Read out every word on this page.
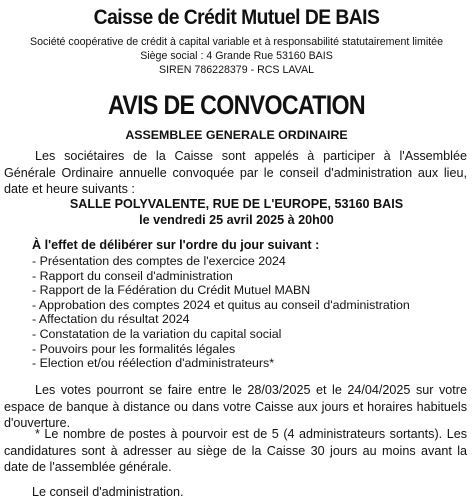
Caisse de Crédit Mutuel DE BAIS
Société coopérative de crédit à capital variable et à responsabilité statutairement limitée
Siège social : 4 Grande Rue 53160 BAIS
SIREN 786228379 - RCS LAVAL
AVIS DE CONVOCATION
ASSEMBLEE GENERALE ORDINAIRE
Les sociétaires de la Caisse sont appelés à participer à l'Assemblée Générale Ordinaire annuelle convoquée par le conseil d'administration aux lieu, date et heure suivants :
SALLE POLYVALENTE, RUE DE L'EUROPE, 53160 BAIS
le vendredi 25 avril 2025 à 20h00
À l'effet de délibérer sur l'ordre du jour suivant :
- Présentation des comptes de l'exercice 2024
- Rapport du conseil d'administration
- Rapport de la Fédération du Crédit Mutuel MABN
- Approbation des comptes 2024 et quitus au conseil d'administration
- Affectation du résultat 2024
- Constatation de la variation du capital social
- Pouvoirs pour les formalités légales
- Election et/ou réélection d'administrateurs*
Les votes pourront se faire entre le 28/03/2025 et le 24/04/2025 sur votre espace de banque à distance ou dans votre Caisse aux jours et horaires habituels d'ouverture.
* Le nombre de postes à pourvoir est de 5 (4 administrateurs sortants). Les candidatures sont à adresser au siège de la Caisse 30 jours au moins avant la date de l'assemblée générale.
Le conseil d'administration.
